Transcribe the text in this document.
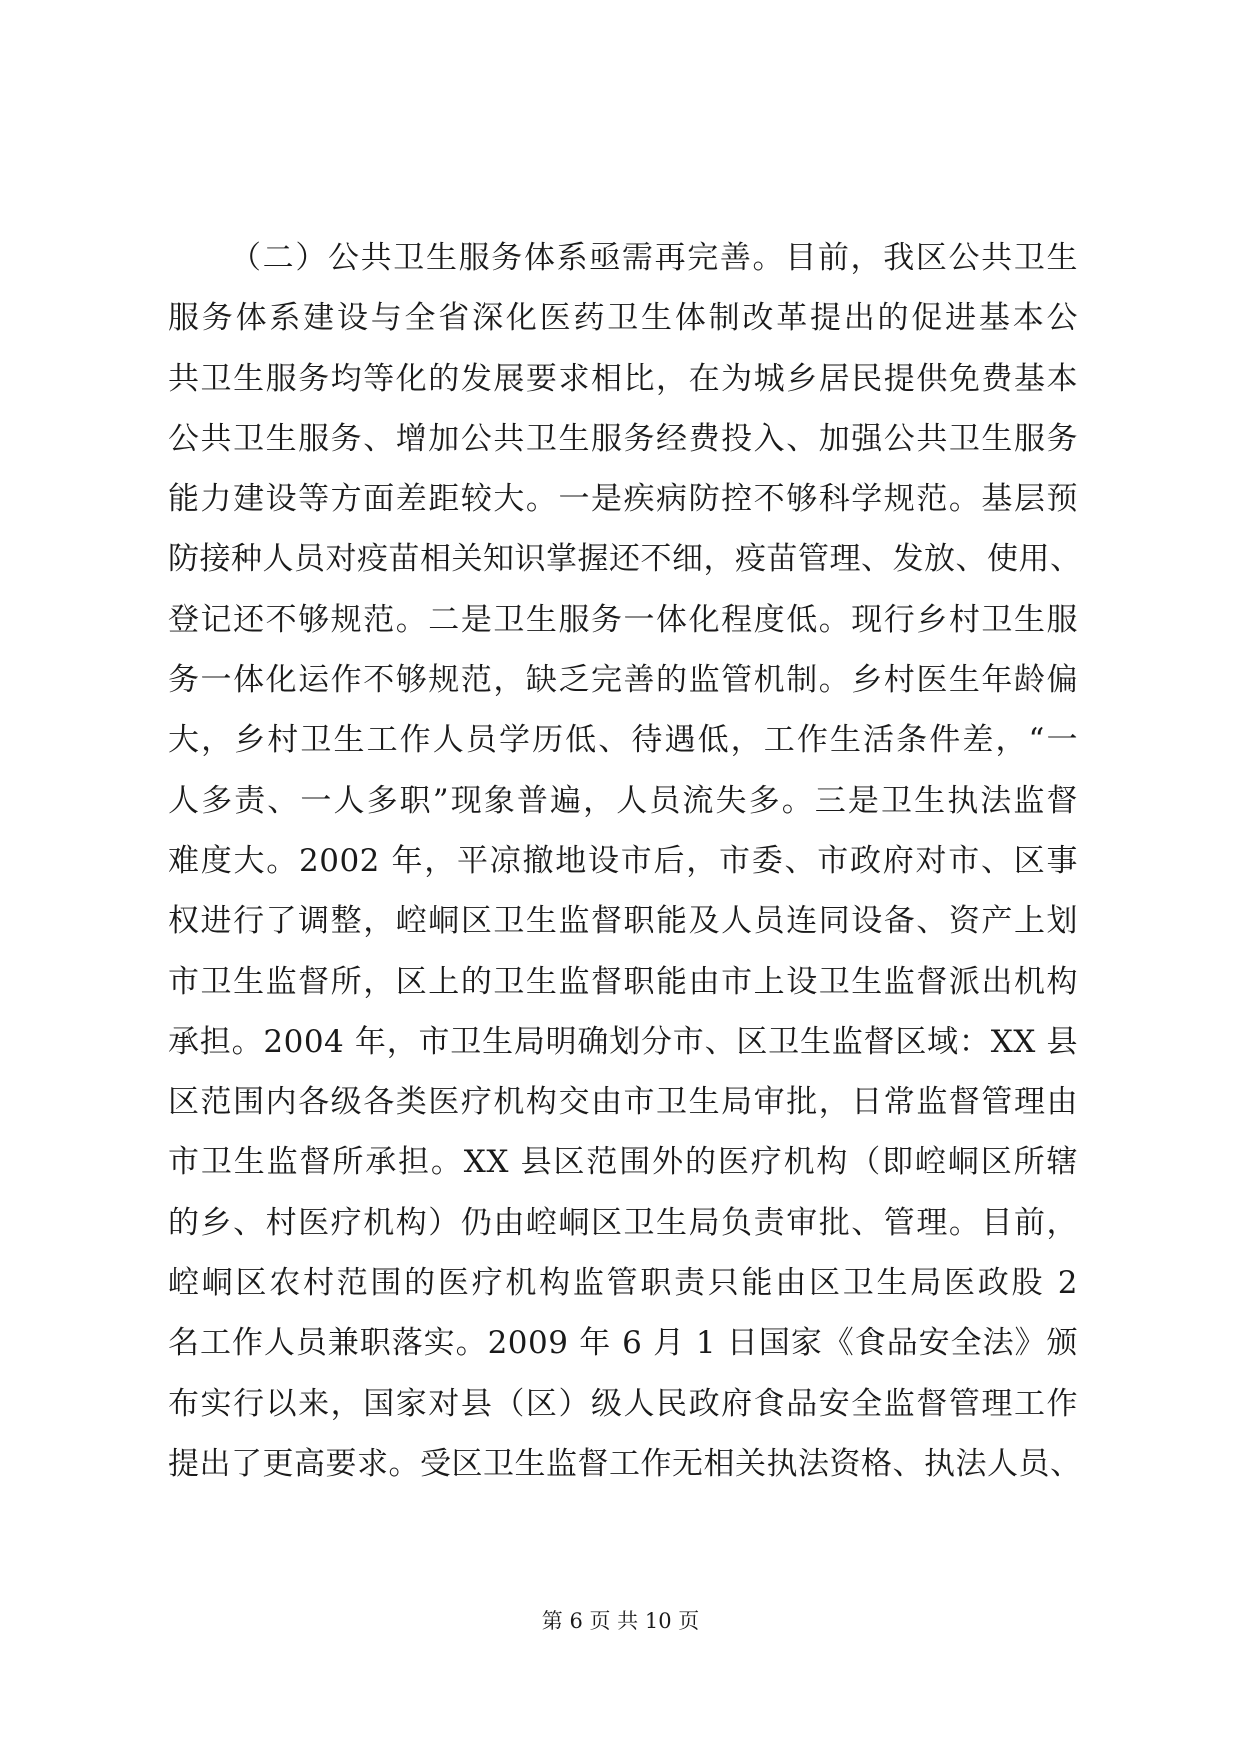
（二）公共卫生服务体系亟需再完善。目前，我区公共卫生
服务体系建设与全省深化医药卫生体制改革提出的促进基本公
共卫生服务均等化的发展要求相比，在为城乡居民提供免费基本
公共卫生服务、增加公共卫生服务经费投入、加强公共卫生服务
能力建设等方面差距较大。一是疾病防控不够科学规范。基层预
防接种人员对疫苗相关知识掌握还不细，疫苗管理、发放、使用、
登记还不够规范。二是卫生服务一体化程度低。现行乡村卫生服
务一体化运作不够规范，缺乏完善的监管机制。乡村医生年龄偏
大，乡村卫生工作人员学历低、待遇低，工作生活条件差，“一
人多责、一人多职”现象普遍，人员流失多。三是卫生执法监督
难度大。2002 年，平凉撤地设市后，市委、市政府对市、区事
权进行了调整，崆峒区卫生监督职能及人员连同设备、资产上划
市卫生监督所，区上的卫生监督职能由市上设卫生监督派出机构
承担。2004 年，市卫生局明确划分市、区卫生监督区域：XX 县
区范围内各级各类医疗机构交由市卫生局审批，日常监督管理由
市卫生监督所承担。XX 县区范围外的医疗机构（即崆峒区所辖
的乡、村医疗机构）仍由崆峒区卫生局负责审批、管理。目前，
崆峒区农村范围的医疗机构监管职责只能由区卫生局医政股 2
名工作人员兼职落实。2009 年 6 月 1 日国家《食品安全法》颁
布实行以来，国家对县（区）级人民政府食品安全监督管理工作
提出了更高要求。受区卫生监督工作无相关执法资格、执法人员、
第 6 页 共 10 页
